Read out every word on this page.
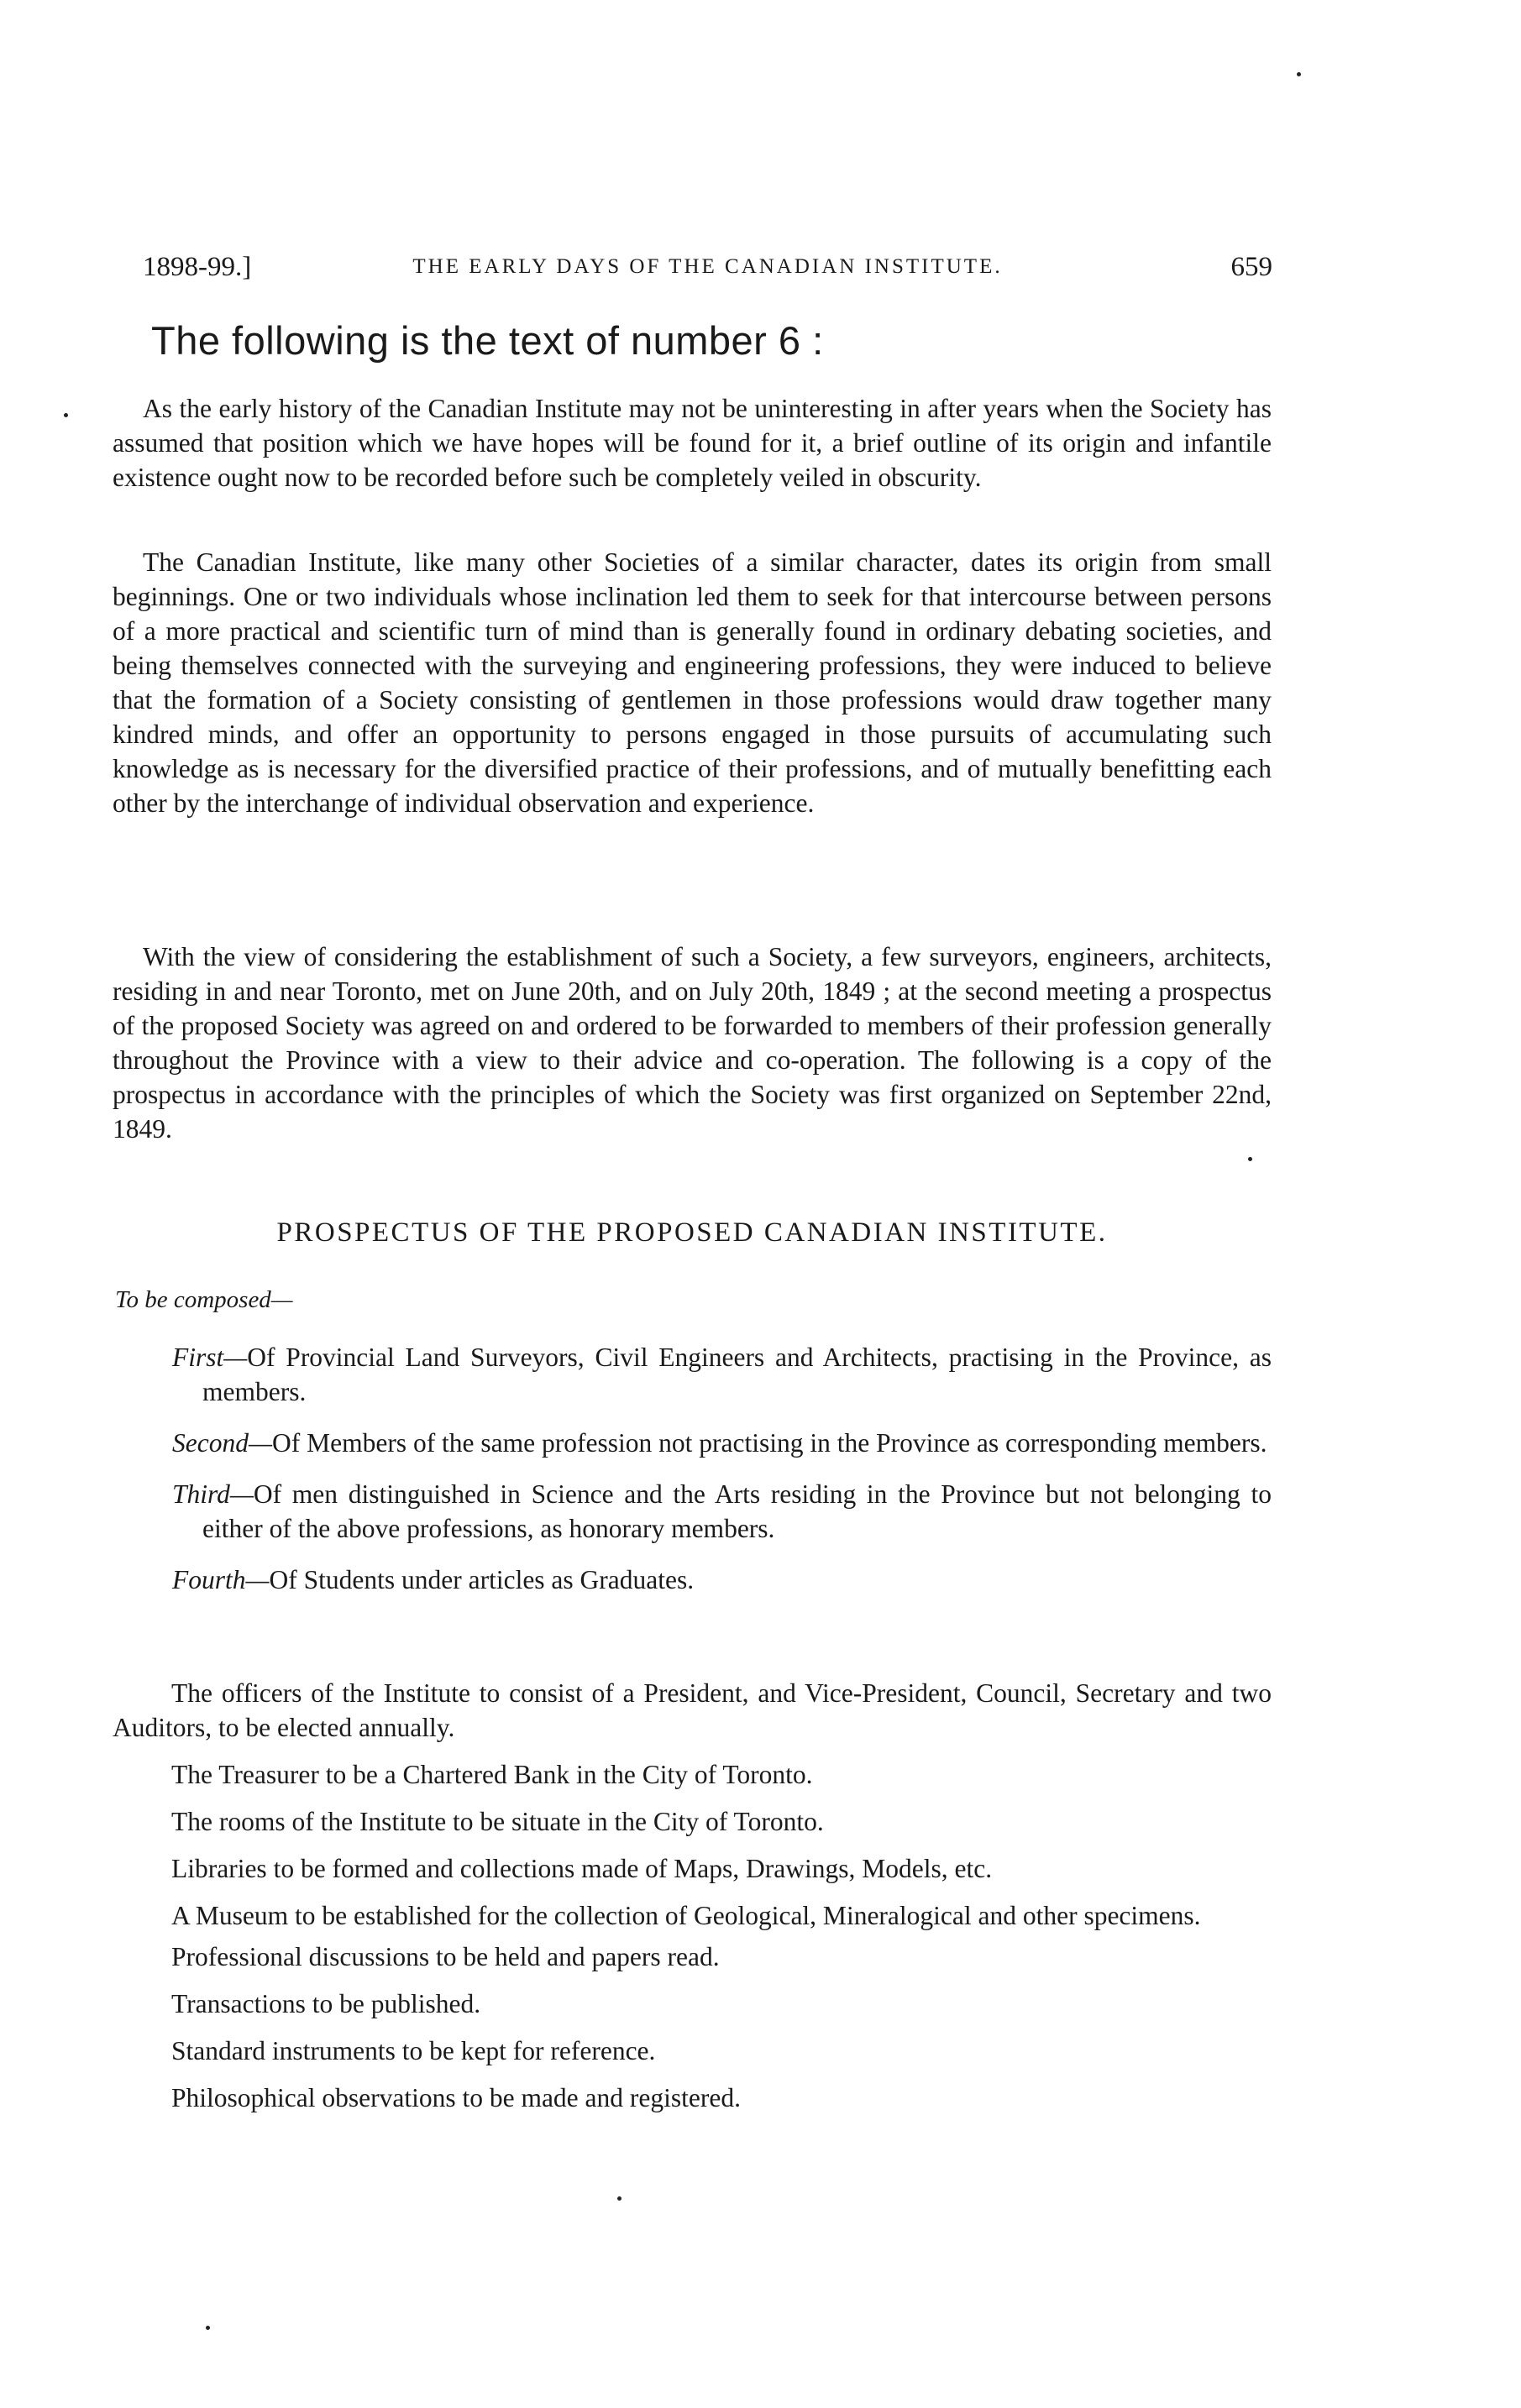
1898-99.]	THE EARLY DAYS OF THE CANADIAN INSTITUTE.	659
The following is the text of number 6 :

As the early history of the Canadian Institute may not be uninteresting in after years when the Society has assumed that position which we have hopes will be found for it, a brief outline of its origin and infantile existence ought now to be recorded before such be completely veiled in obscurity.

The Canadian Institute, like many other Societies of a similar character, dates its origin from small beginnings. One or two individuals whose inclination led them to seek for that intercourse between persons of a more practical and scientific turn of mind than is generally found in ordinary debating societies, and being themselves connected with the surveying and engineering professions, they were induced to believe that the formation of a Society consisting of gentlemen in those professions would draw together many kindred minds, and offer an opportunity to persons engaged in those pursuits of accumulating such knowledge as is necessary for the diversified practice of their professions, and of mutually benefitting each other by the interchange of individual observation and experience.

With the view of considering the establishment of such a Society, a few surveyors, engineers, architects, residing in and near Toronto, met on June 20th, and on July 20th, 1849 ; at the second meeting a prospectus of the proposed Society was agreed on and ordered to be forwarded to members of their profession generally throughout the Province with a view to their advice and co-operation. The following is a copy of the prospectus in accordance with the principles of which the Society was first organized on September 22nd, 1849.

PROSPECTUS OF THE PROPOSED CANADIAN INSTITUTE.
To be composed—

First—Of Provincial Land Surveyors, Civil Engineers and Architects, practising in the Province, as members.

Second—Of Members of the same profession not practising in the Province as corresponding members.

Third—Of men distinguished in Science and the Arts residing in the Province but not belonging to either of the above professions, as honorary members.

Fourth—Of Students under articles as Graduates.

The officers of the Institute to consist of a President, and Vice-President, Council, Secretary and two Auditors, to be elected annually.

The Treasurer to be a Chartered Bank in the City of Toronto.

The rooms of the Institute to be situate in the City of Toronto.

Libraries to be formed and collections made of Maps, Drawings, Models, etc.

A Museum to be established for the collection of Geological, Mineralogical and other specimens.

Professional discussions to be held and papers read.

Transactions to be published.

Standard instruments to be kept for reference.

Philosophical observations to be made and registered.
